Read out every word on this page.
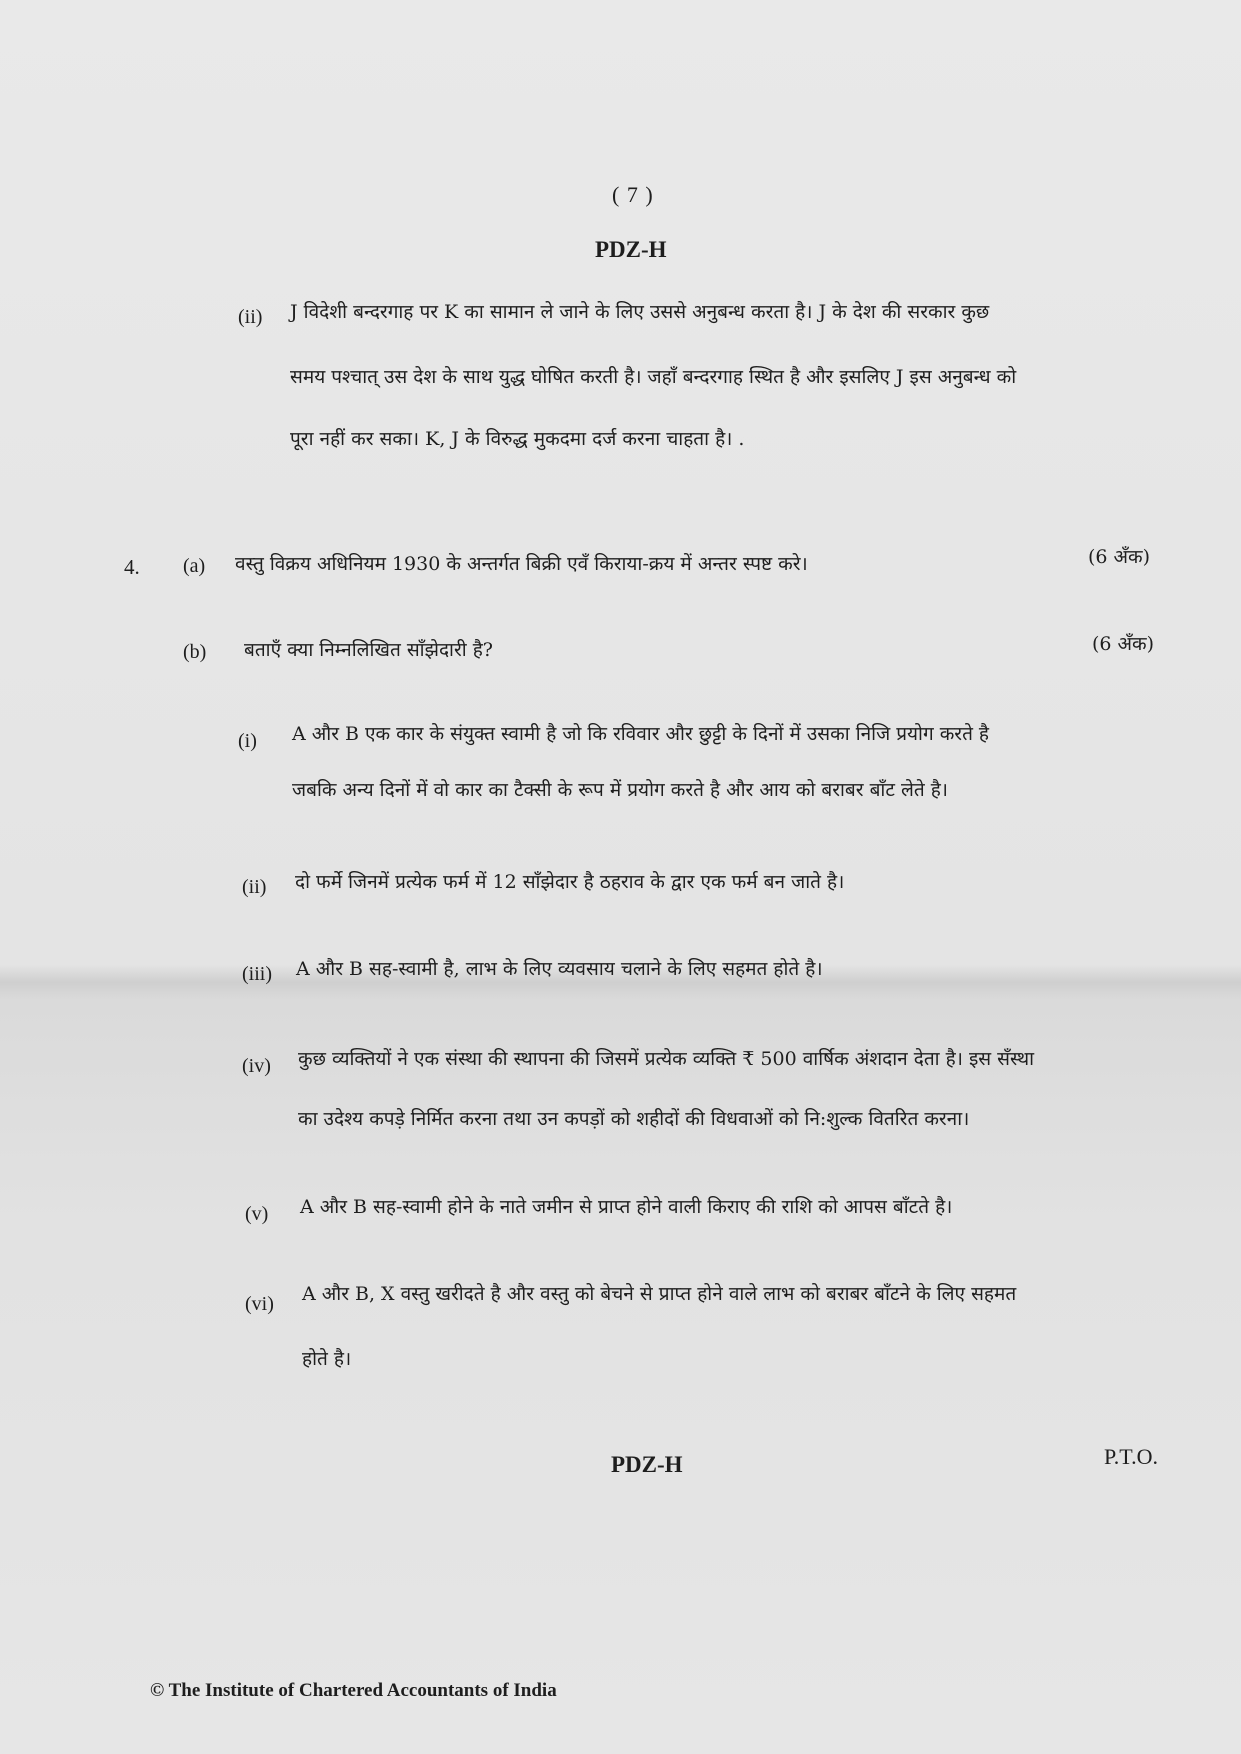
( 7 )
PDZ-H
(ii) J विदेशी बन्दरगाह पर K का सामान ले जाने के लिए उससे अनुबन्ध करता है। J के देश की सरकार कुछ
समय पश्चात् उस देश के साथ युद्ध घोषित करती है। जहाँ बन्दरगाह स्थित है और इसलिए J इस अनुबन्ध को
पूरा नहीं कर सका। K, J के विरुद्ध मुकदमा दर्ज करना चाहता है। .
4. (a) वस्तु विक्रय अधिनियम 1930 के अन्तर्गत बिक्री एवँ किराया-क्रय में अन्तर स्पष्ट करे।	(6 अँक)
(b) बताएँ क्या निम्नलिखित साँझेदारी है?	(6 अँक)
(i) A और B एक कार के संयुक्त स्वामी है जो कि रविवार और छुट्टी के दिनों में उसका निजि प्रयोग करते है
जबकि अन्य दिनों में वो कार का टैक्सी के रूप में प्रयोग करते है और आय को बराबर बाँट लेते है।
(ii) दो फर्मे जिनमें प्रत्येक फर्म में 12 साँझेदार है ठहराव के द्वार एक फर्म बन जाते है।
(iii) A और B सह-स्वामी है, लाभ के लिए व्यवसाय चलाने के लिए सहमत होते है।
(iv) कुछ व्यक्तियों ने एक संस्था की स्थापना की जिसमें प्रत्येक व्यक्ति ₹ 500 वार्षिक अंशदान देता है। इस सँस्था
का उदेश्य कपड़े निर्मित करना तथा उन कपड़ों को शहीदों की विधवाओं को नि:शुल्क वितरित करना।
(v) A और B सह-स्वामी होने के नाते जमीन से प्राप्त होने वाली किराए की राशि को आपस बाँटते है।
(vi) A और B, X वस्तु खरीदते है और वस्तु को बेचने से प्राप्त होने वाले लाभ को बराबर बाँटने के लिए सहमत
होते है।
PDZ-H	P.T.O.
© The Institute of Chartered Accountants of India
